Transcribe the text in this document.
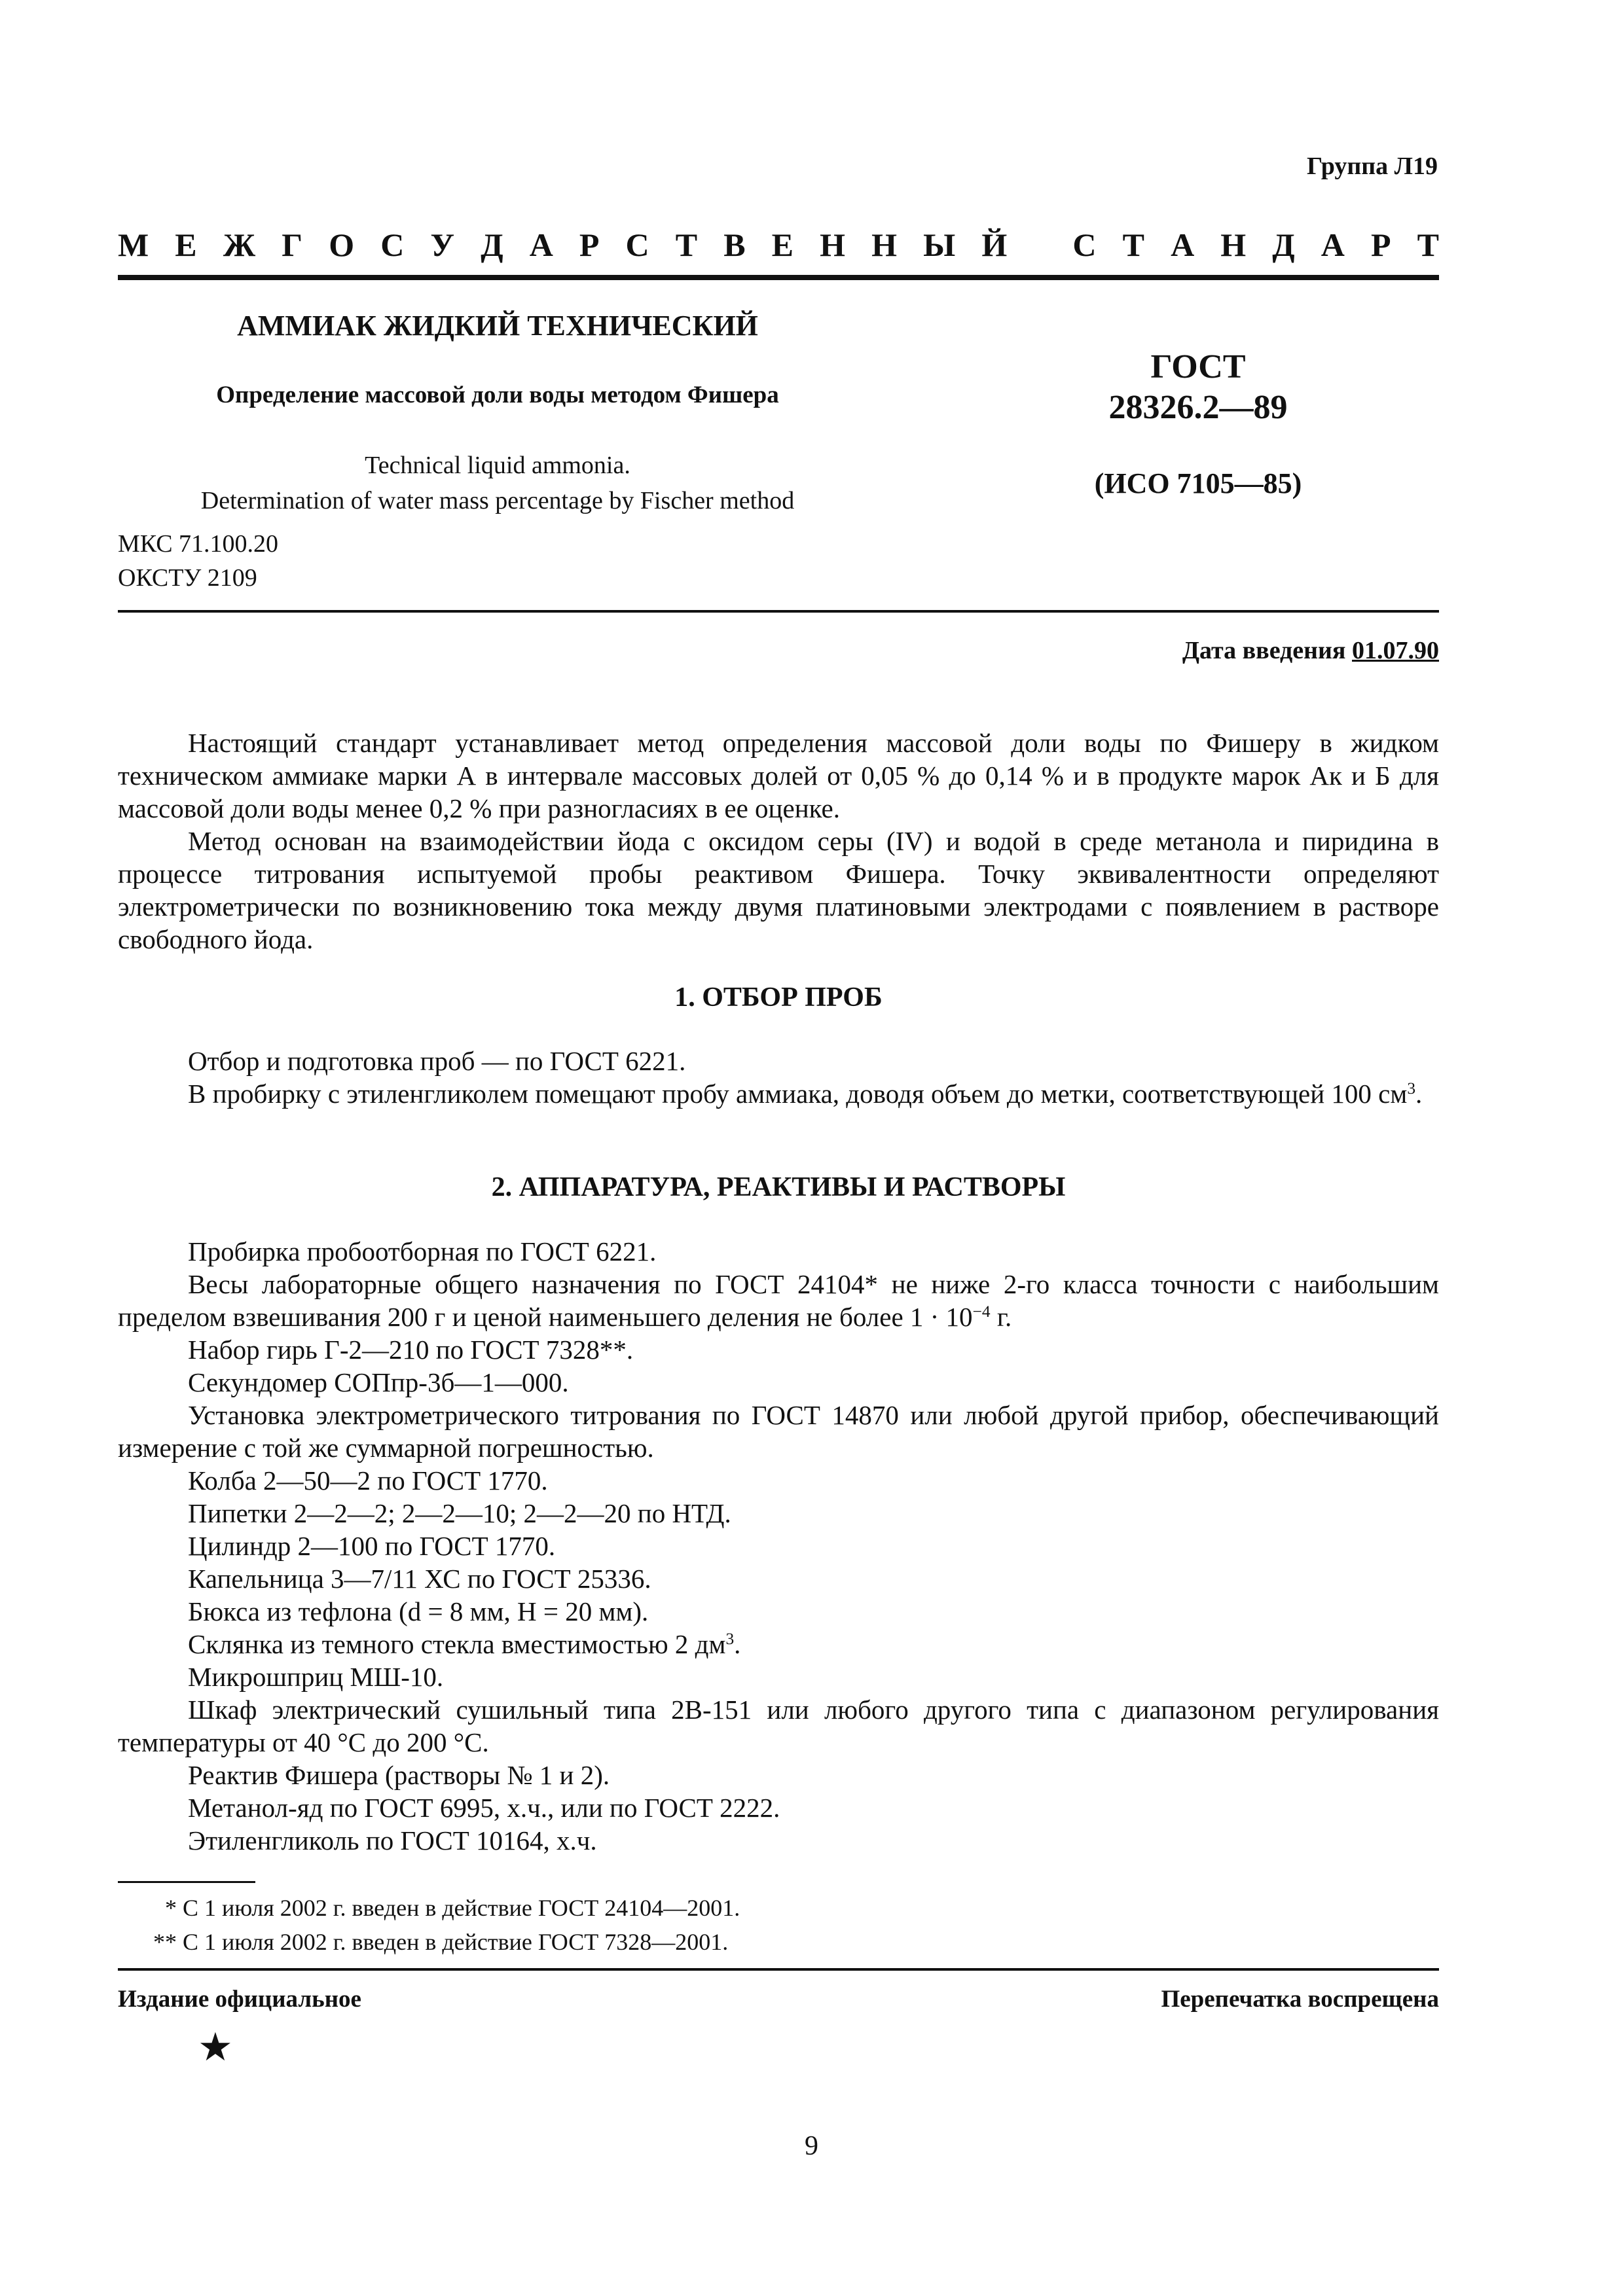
Группа Л19
М Е Ж Г О С У Д А Р С Т В Е Н Н Ы Й С Т А Н Д А Р Т
АММИАК ЖИДКИЙ ТЕХНИЧЕСКИЙ
Определение массовой доли воды методом Фишера
Technical liquid ammonia.
Determination of water mass percentage by Fischer method
ГОСТ
28326.2—89
(ИСО 7105—85)
МКС 71.100.20
ОКСТУ 2109
Дата введения 01.07.90

Настоящий стандарт устанавливает метод определения массовой доли воды по Фишеру в жидком техническом аммиаке марки А в интервале массовых долей от 0,05 % до 0,14 % и в продукте марок Ак и Б для массовой доли воды менее 0,2 % при разногласиях в ее оценке.

Метод основан на взаимодействии йода с оксидом серы (IV) и водой в среде метанола и пиридина в процессе титрования испытуемой пробы реактивом Фишера. Точку эквивалентности определяют электрометрически по возникновению тока между двумя платиновыми электродами с появлением в растворе свободного йода.

1. ОТБОР ПРОБ

Отбор и подготовка проб — по ГОСТ 6221.

В пробирку с этиленгликолем помещают пробу аммиака, доводя объем до метки, соответствующей 100 $см^3$.

2. АППАРАТУРА, РЕАКТИВЫ И РАСТВОРЫ
Пробирка пробоотборная по ГОСТ 6221.
Весы лабораторные общего назначения по ГОСТ 24104* не ниже 2-го класса точности с наибольшим пределом взвешивания 200 г и ценой наименьшего деления не более $1 \cdot 10^{-4}$ г.
Набор гирь Г-2—210 по ГОСТ 7328**.
Секундомер СОПпр-3б—1—000.
Установка электрометрического титрования по ГОСТ 14870 или любой другой прибор, обеспечивающий измерение с той же суммарной погрешностью.
Колба 2—50—2 по ГОСТ 1770.
Пипетки 2—2—2; 2—2—10; 2—2—20 по НТД.
Цилиндр 2—100 по ГОСТ 1770.
Капельница 3—7/11 ХС по ГОСТ 25336.
Бюкса из тефлона (d = 8 мм, H = 20 мм).
Склянка из темного стекла вместимостью 2 $дм^3$.
Микрошприц МШ-10.
Шкаф электрический сушильный типа 2В-151 или любого другого типа с диапазоном регулирования температуры от 40 °С до 200 °С.
Реактив Фишера (растворы № 1 и 2).
Метанол-яд по ГОСТ 6995, х.ч., или по ГОСТ 2222.
Этиленгликоль по ГОСТ 10164, х.ч.
* С 1 июля 2002 г. введен в действие ГОСТ 24104—2001.
** С 1 июля 2002 г. введен в действие ГОСТ 7328—2001.
Издание официальное	Перепечатка воспрещена
★
9
